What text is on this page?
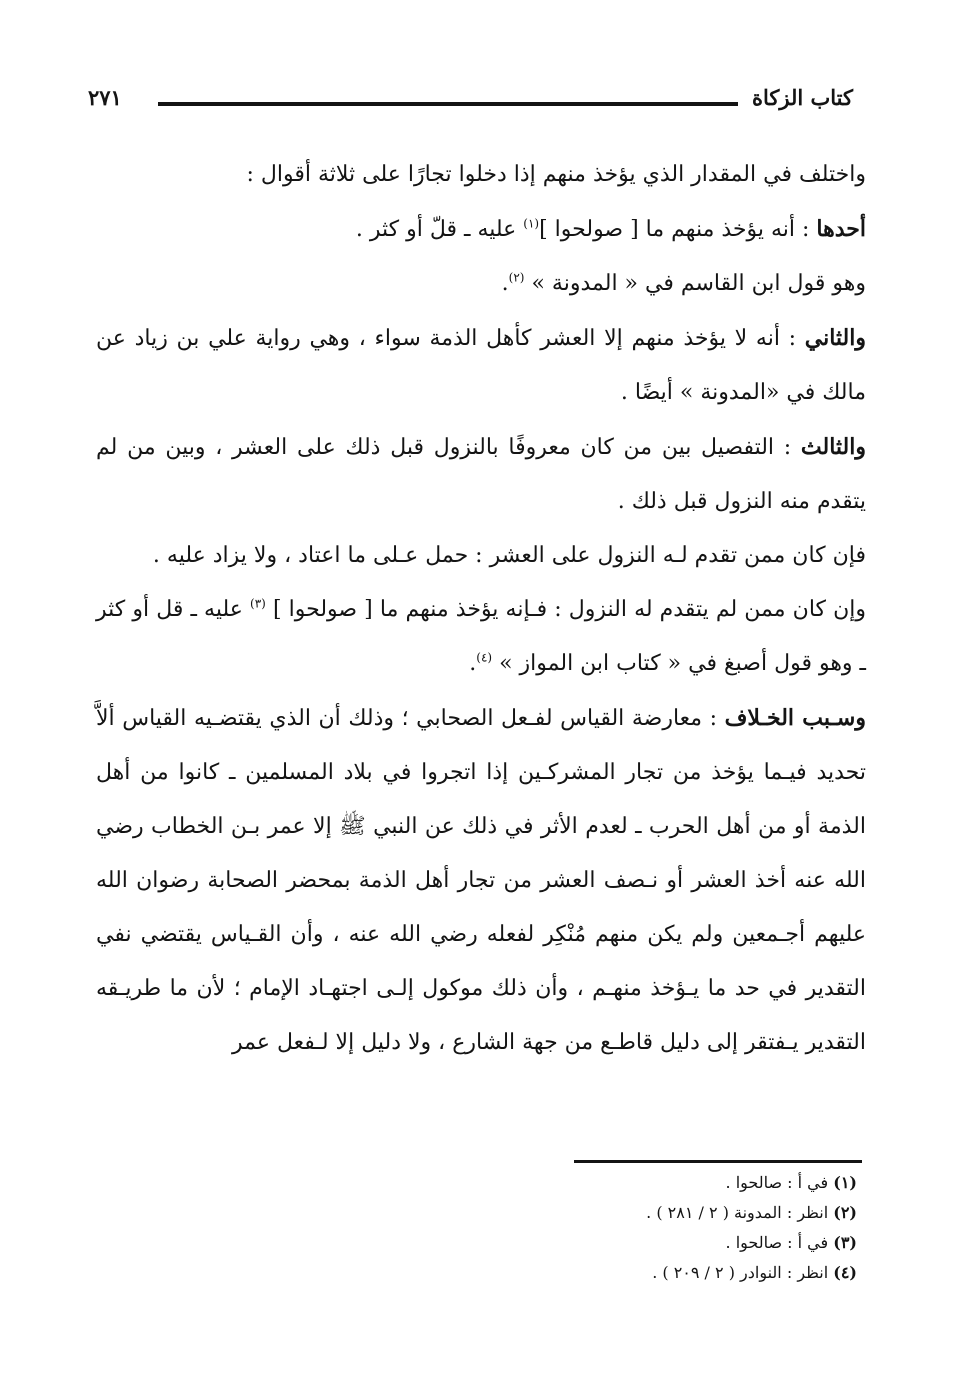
كتاب الزكاة
٢٧١

واختلف في المقدار الذي يؤخذ منهم إذا دخلوا تجارًا على ثلاثة أقوال :

أحدها : أنه يؤخذ منهم ما [ صولحوا ]$^{(١)}$ عليه ـ قلّ أو كثر .

وهو قول ابن القاسم في « المدونة » $^{(٢)}$.

والثاني : أنه لا يؤخذ منهم إلا العشر كأهل الذمة سواء ، وهي رواية علي بن زياد عن مالك في «المدونة » أيضًا .

والثالث : التفصيل بين من كان معروفًا بالنزول قبل ذلك على العشر ، وبين من لم يتقدم منه النزول قبل ذلك .

فإن كان ممن تقدم لـه النزول على العشر : حمل عـلى ما اعتاد ، ولا يزاد عليه .

وإن كان ممن لم يتقدم له النزول : فـإنه يؤخذ منهم ما [ صولحوا ] $^{(٣)}$ عليه ـ قل أو كثر ـ وهو قول أصبغ في « كتاب ابن المواز » $^{(٤)}$.

وسـبب الخـلاف : معارضة القياس لفـعل الصحابي ؛ وذلك أن الذي يقتضـيه القياس ألاَّ تحديد فيـما يؤخذ من تجار المشركـين إذا اتجروا في بلاد المسلمين ـ كانوا من أهل الذمة أو من أهل الحرب ـ لعدم الأثر في ذلك عن النبي ﷺ إلا عمر بـن الخطاب رضي الله عنه أخذ العشر أو نـصف العشر من تجار أهل الذمة بمحضر الصحابة رضوان الله عليهم أجـمعين ولم يكن منهم مُنْكِر لفعله رضي الله عنه ، وأن القـياس يقتضي نفي التقدير في حد ما يـؤخذ منهـم ، وأن ذلك موكول إلـى اجتهـاد الإمام ؛ لأن ما طريـقه التقدير يـفتقر إلى دليل قاطـع من جهة الشارع ، ولا دليل إلا لـفعل عمر

(١) في أ : صالحوا .
(٢) انظر : المدونة ( ٢ / ٢٨١ ) .
(٣) في أ : صالحوا .
(٤) انظر : النوادر ( ٢ / ٢٠٩ ) .
